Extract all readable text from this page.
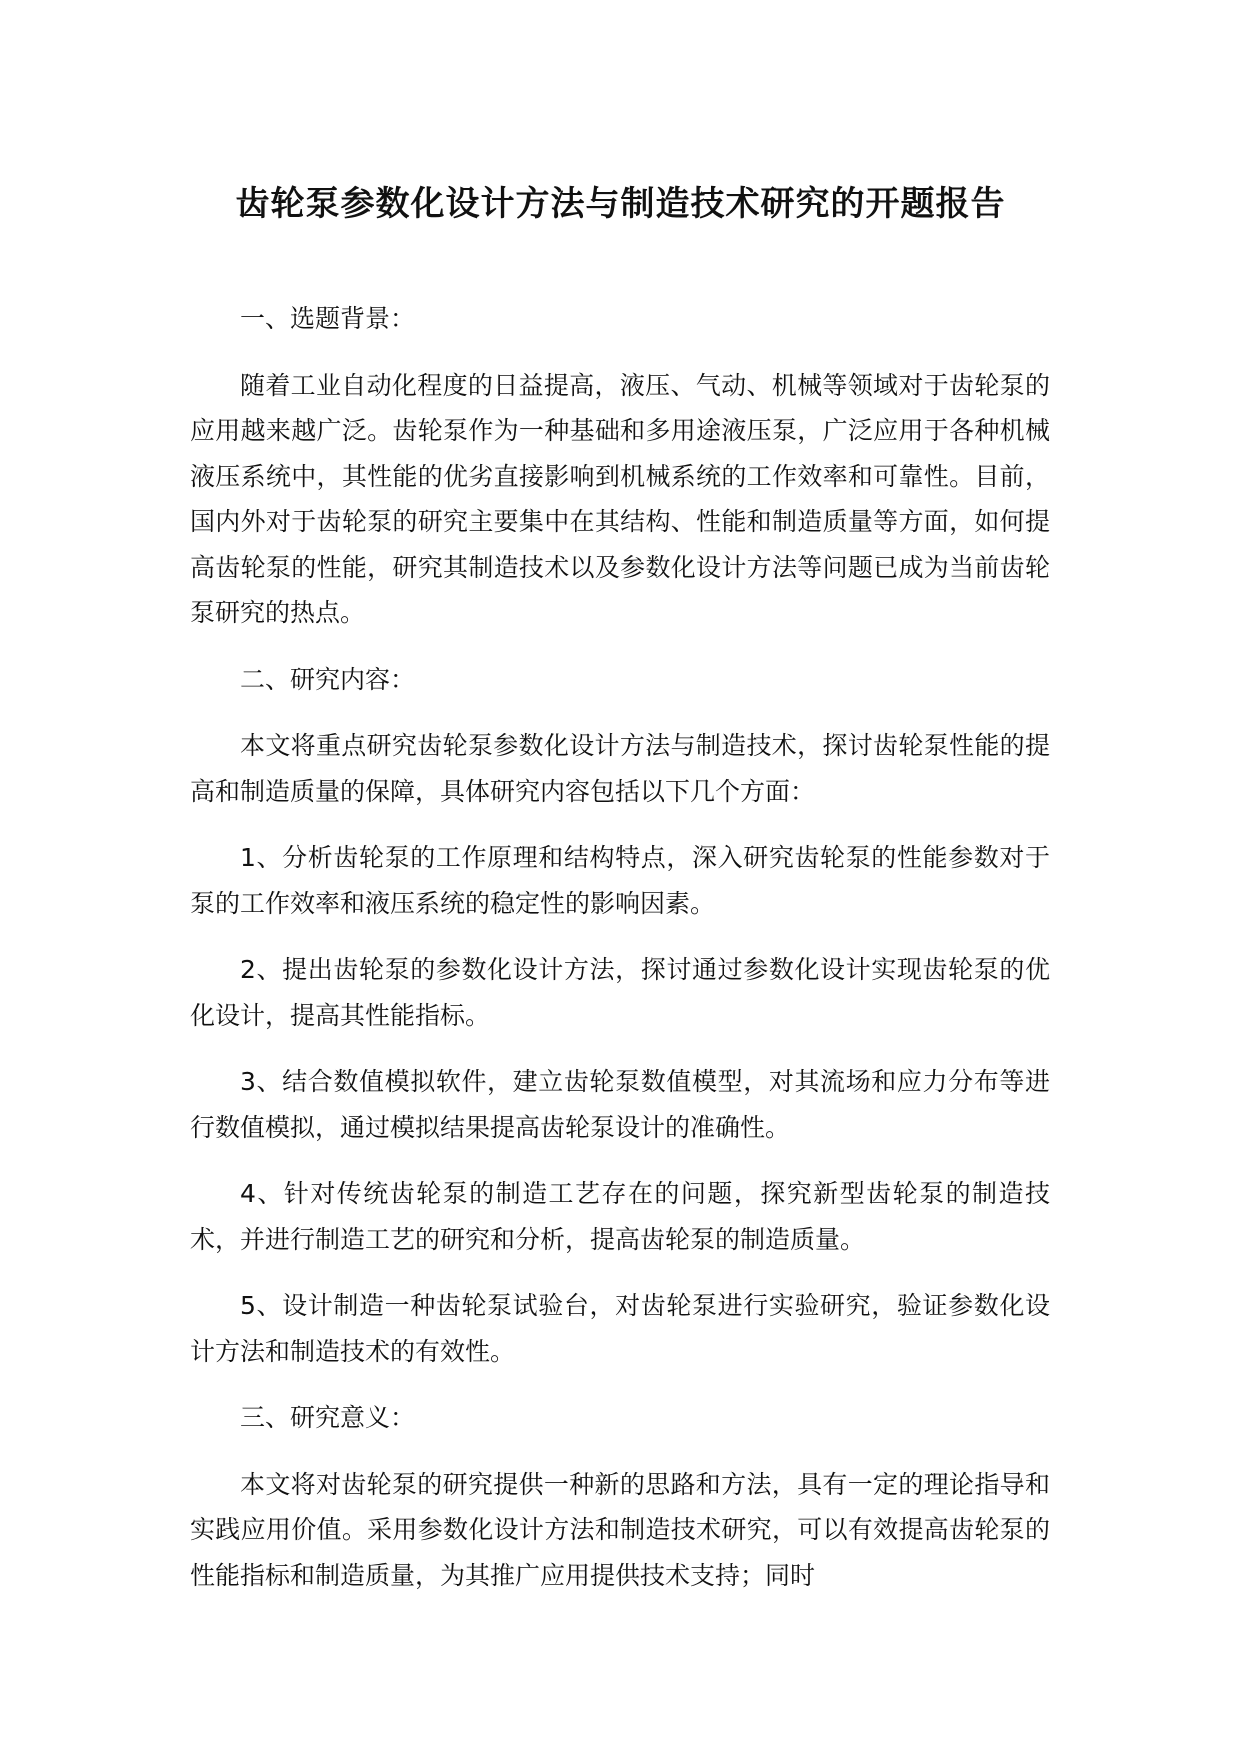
齿轮泵参数化设计方法与制造技术研究的开题报告

一、选题背景：

随着工业自动化程度的日益提高，液压、气动、机械等领域对于齿轮泵的应用越来越广泛。齿轮泵作为一种基础和多用途液压泵，广泛应用于各种机械液压系统中，其性能的优劣直接影响到机械系统的工作效率和可靠性。目前，国内外对于齿轮泵的研究主要集中在其结构、性能和制造质量等方面，如何提高齿轮泵的性能，研究其制造技术以及参数化设计方法等问题已成为当前齿轮泵研究的热点。

二、研究内容：

本文将重点研究齿轮泵参数化设计方法与制造技术，探讨齿轮泵性能的提高和制造质量的保障，具体研究内容包括以下几个方面：

1、分析齿轮泵的工作原理和结构特点，深入研究齿轮泵的性能参数对于泵的工作效率和液压系统的稳定性的影响因素。

2、提出齿轮泵的参数化设计方法，探讨通过参数化设计实现齿轮泵的优化设计，提高其性能指标。

3、结合数值模拟软件，建立齿轮泵数值模型，对其流场和应力分布等进行数值模拟，通过模拟结果提高齿轮泵设计的准确性。

4、针对传统齿轮泵的制造工艺存在的问题，探究新型齿轮泵的制造技术，并进行制造工艺的研究和分析，提高齿轮泵的制造质量。

5、设计制造一种齿轮泵试验台，对齿轮泵进行实验研究，验证参数化设计方法和制造技术的有效性。

三、研究意义：

本文将对齿轮泵的研究提供一种新的思路和方法，具有一定的理论指导和实践应用价值。采用参数化设计方法和制造技术研究，可以有效提高齿轮泵的性能指标和制造质量，为其推广应用提供技术支持；同时
